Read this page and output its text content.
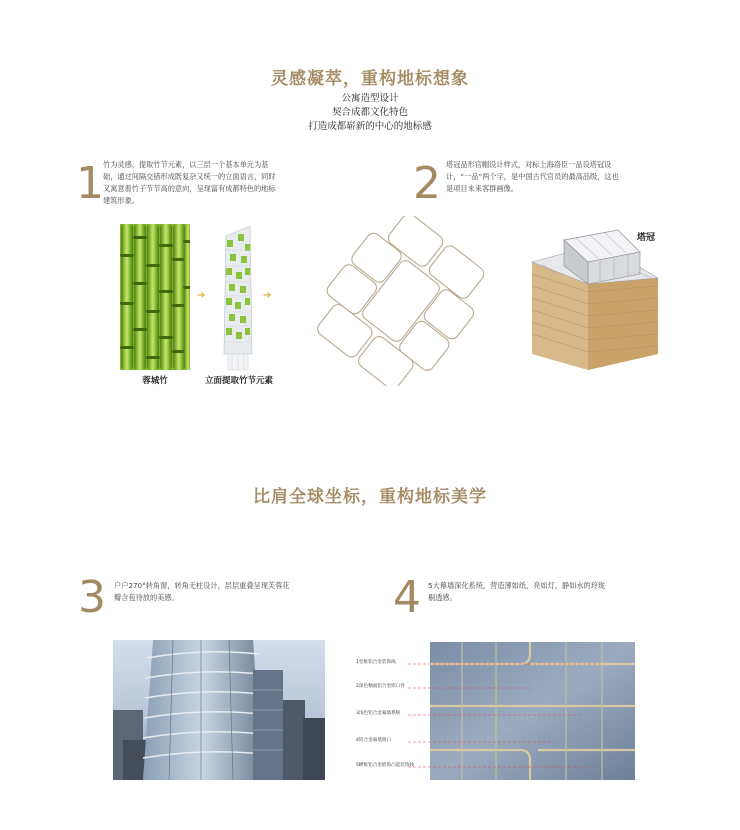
灵感凝萃，重构地标想象
公寓造型设计
契合成都文化特色
打造成都崭新的中心的地标感
1 竹为灵感，提取竹节元素，以三层一个基本单元为基
础，通过间隔交错形成既复杂又统一的立面语言，同时
又寓意着竹子节节高的意向，呈现富有成都特色的地标
建筑形象。
➔	➔
蓉城竹	立面提取竹节元素
2 塔冠品形官帽设计样式，对标上海洛臣一品设塔冠设
计，“一品”两个字，是中国古代官员的最高品级，这也
是项目未来客群画像。
塔冠
比肩全球坐标，重构地标美学
3 户户270°转角窗，转角无柱设计，层层重叠呈现芙蓉花
瓣含苞待放的美感。	4 5大幕墙深化系统，营造薄如纸，亮如灯，静如水的玲珑
剔透感。
1竖框铝合金装饰线
2深色釉面铝合金嵌口件
3浅色铝合金幕墙系统
4铝合金幕墙窗口
5横框铝合金嵌饰凸起装饰线
